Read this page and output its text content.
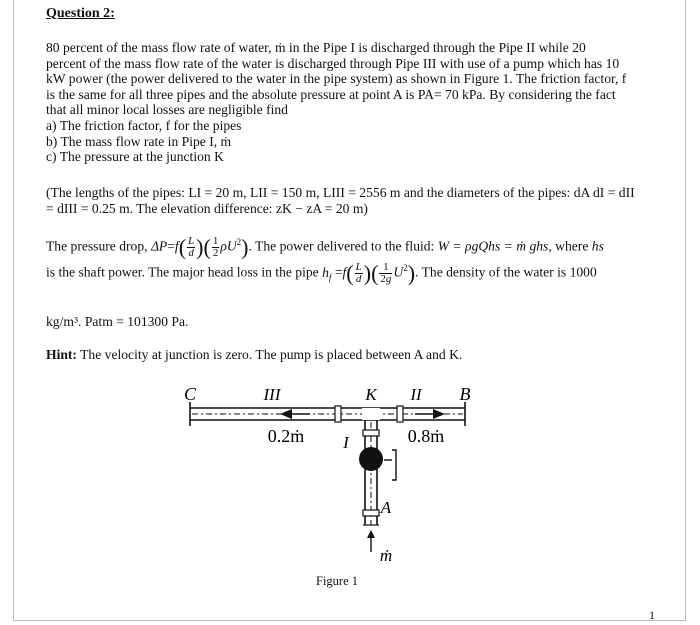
Question 2:
80 percent of the mass flow rate of water, ṁ in the Pipe I is discharged through the Pipe II while 20
percent of the mass flow rate of the water is discharged through Pipe III with use of a pump which has 10
kW power (the power delivered to the water in the pipe system) as shown in Figure 1. The friction factor, f
is the same for all three pipes and the absolute pressure at point A is PA= 70 kPa. By considering the fact
that all minor local losses are negligible find
a) The friction factor, f for the pipes
b) The mass flow rate in Pipe I, ṁ
c) The pressure at the junction K
(The lengths of the pipes: LI = 20 m, LII = 150 m, LIII = 2556 m and the diameters of the pipes: dA dI = dII
= dIII = 0.25 m. The elevation difference: zK − zA = 20 m)
The pressure drop, $\Delta P=f( \frac{L}{d}$ )( $\frac{1}{2} \rho U^2$). The power delivered to the fluid: W = ρgQhs = ṁ ghs, where hs
is the shaft power. The major head loss in the pipe $h_f =f( \frac{L}{d}$ )( $\frac{1}{2g} U^2$). The density of the water is 1000
kg/m³. Patm = 101300 Pa.
Hint: The velocity at junction is zero. The pump is placed between A and K.
C	III	K II B
0.2ṁ	0.8ṁ
I
A
ṁ
Figure 1
1
